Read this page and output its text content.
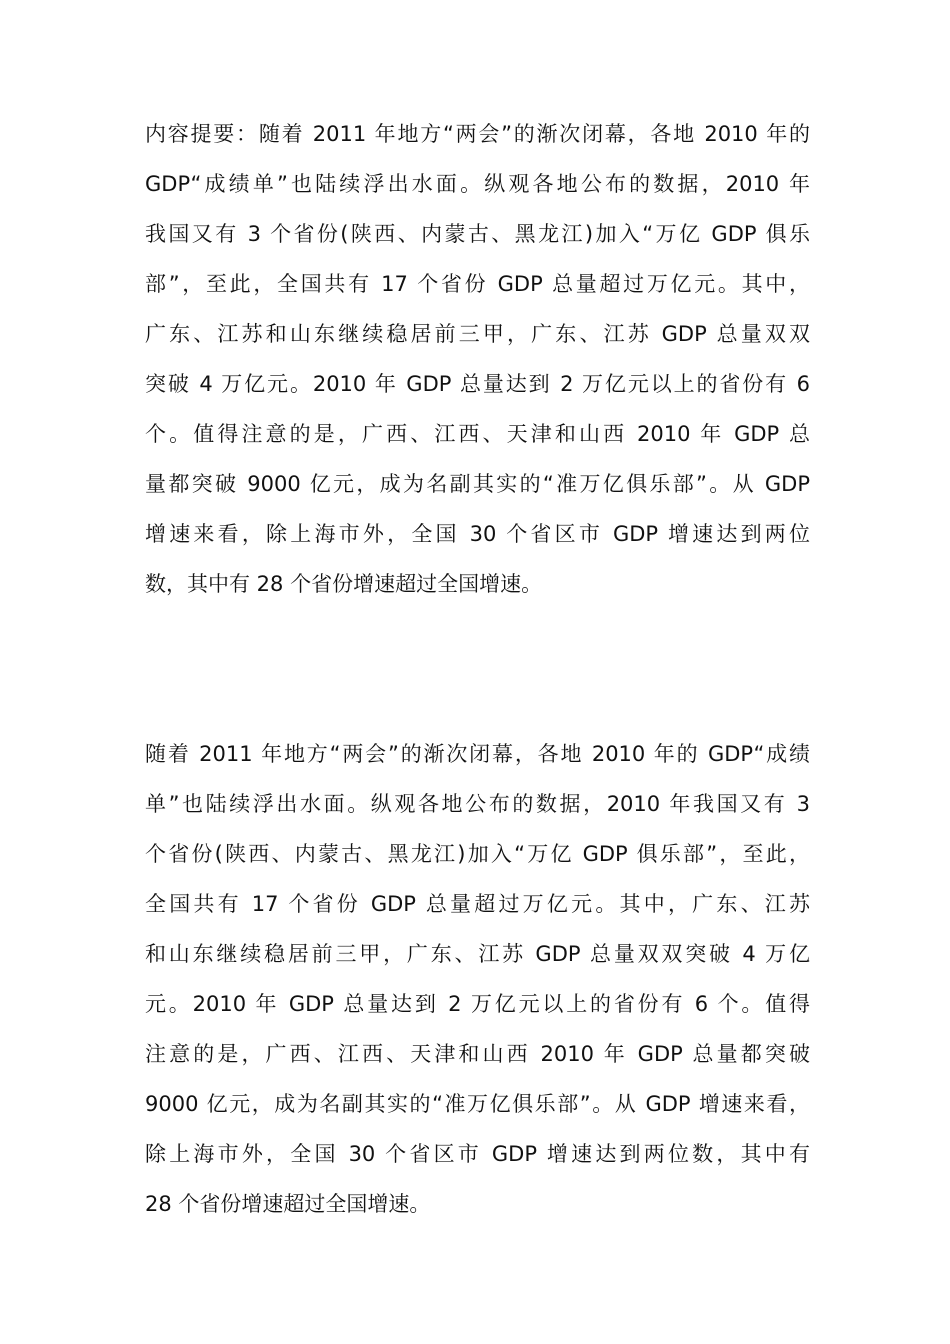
内容提要：随着 2011 年地方“两会”的渐次闭幕，各地 2010 年的
GDP“成绩单”也陆续浮出水面。纵观各地公布的数据，2010 年
我国又有 3 个省份(陕西、内蒙古、黑龙江)加入“万亿 GDP 俱乐
部”，至此，全国共有 17 个省份 GDP 总量超过万亿元。其中，
广东、江苏和山东继续稳居前三甲，广东、江苏 GDP 总量双双
突破 4 万亿元。2010 年 GDP 总量达到 2 万亿元以上的省份有 6
个。值得注意的是，广西、江西、天津和山西 2010 年 GDP 总
量都突破 9000 亿元，成为名副其实的“准万亿俱乐部”。从 GDP
增速来看，除上海市外，全国 30 个省区市 GDP 增速达到两位
数，其中有 28 个省份增速超过全国增速。
随着 2011 年地方“两会”的渐次闭幕，各地 2010 年的 GDP“成绩
单”也陆续浮出水面。纵观各地公布的数据，2010 年我国又有 3
个省份(陕西、内蒙古、黑龙江)加入“万亿 GDP 俱乐部”，至此，
全国共有 17 个省份 GDP 总量超过万亿元。其中，广东、江苏
和山东继续稳居前三甲，广东、江苏 GDP 总量双双突破 4 万亿
元。2010 年 GDP 总量达到 2 万亿元以上的省份有 6 个。值得
注意的是，广西、江西、天津和山西 2010 年 GDP 总量都突破
9000 亿元，成为名副其实的“准万亿俱乐部”。从 GDP 增速来看，
除上海市外，全国 30 个省区市 GDP 增速达到两位数，其中有
28 个省份增速超过全国增速。
